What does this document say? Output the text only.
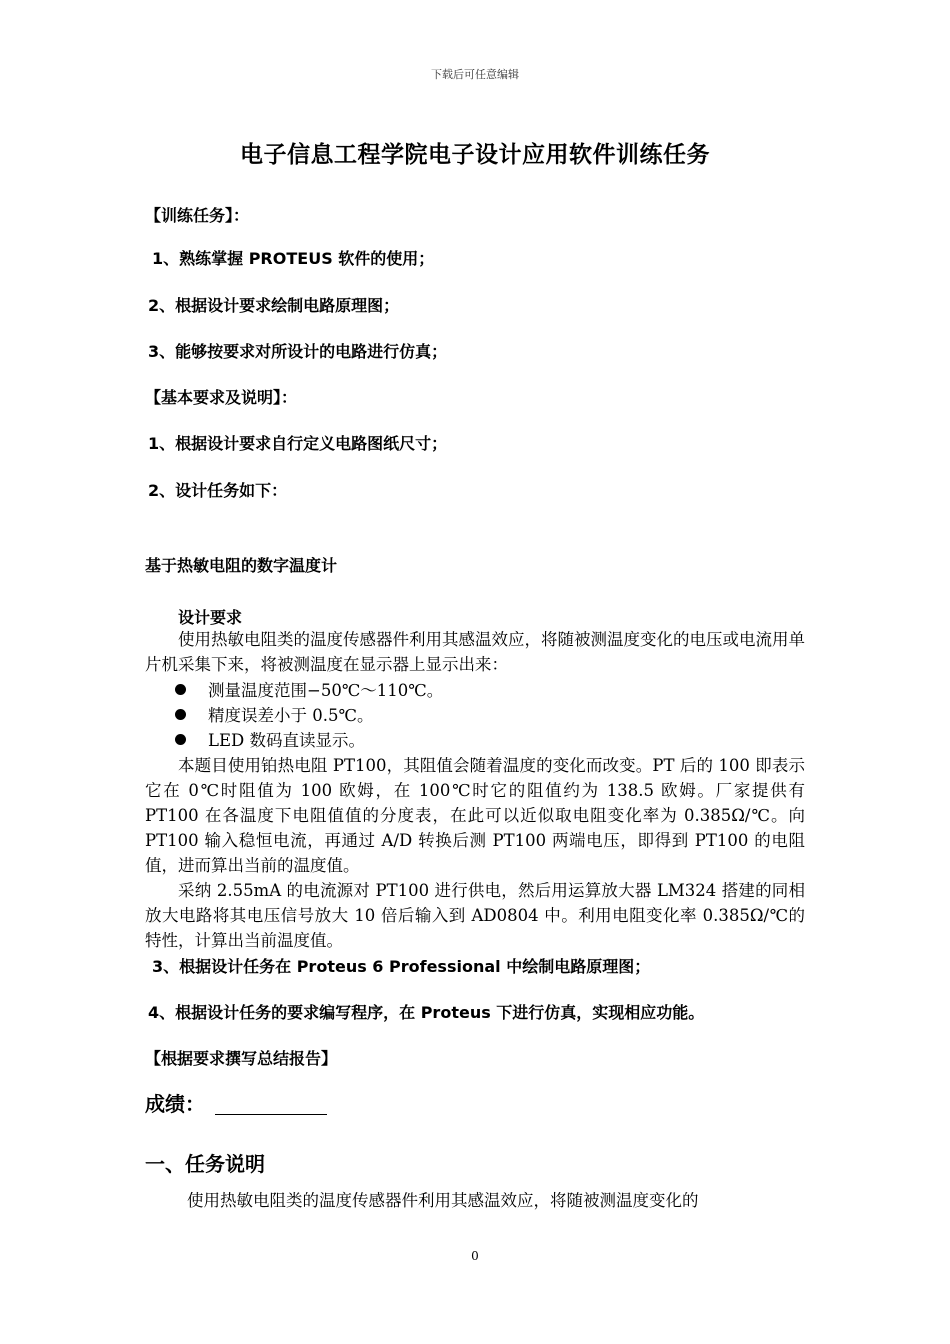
下载后可任意编辑
电子信息工程学院电子设计应用软件训练任务
【训练任务】：
1、熟练掌握 PROTEUS 软件的使用；
2、根据设计要求绘制电路原理图；
3、能够按要求对所设计的电路进行仿真；
【基本要求及说明】：
1、根据设计要求自行定义电路图纸尺寸；
2、设计任务如下：
基于热敏电阻的数字温度计
设计要求
使用热敏电阻类的温度传感器件利用其感温效应，将随被测温度变化的电压或电流用单片机采集下来，将被测温度在显示器上显示出来：
测量温度范围−50℃～110℃。
精度误差小于 0.5℃。
LED 数码直读显示。
本题目使用铂热电阻 PT100，其阻值会随着温度的变化而改变。PT 后的 100 即表示它在 0℃时阻值为 100 欧姆，在 100℃时它的阻值约为 138.5 欧姆。厂家提供有 PT100 在各温度下电阻值值的分度表，在此可以近似取电阻变化率为 0.385Ω/℃。向 PT100 输入稳恒电流，再通过 A/D 转换后测 PT100 两端电压，即得到 PT100 的电阻值，进而算出当前的温度值。
采纳 2.55mA 的电流源对 PT100 进行供电，然后用运算放大器 LM324 搭建的同相放大电路将其电压信号放大 10 倍后输入到 AD0804 中。利用电阻变化率 0.385Ω/℃的特性，计算出当前温度值。
3、根据设计任务在 Proteus 6 Professional 中绘制电路原理图；
4、根据设计任务的要求编写程序，在 Proteus 下进行仿真，实现相应功能。
【根据要求撰写总结报告】
成绩：
一、任务说明
使用热敏电阻类的温度传感器件利用其感温效应，将随被测温度变化的
0
